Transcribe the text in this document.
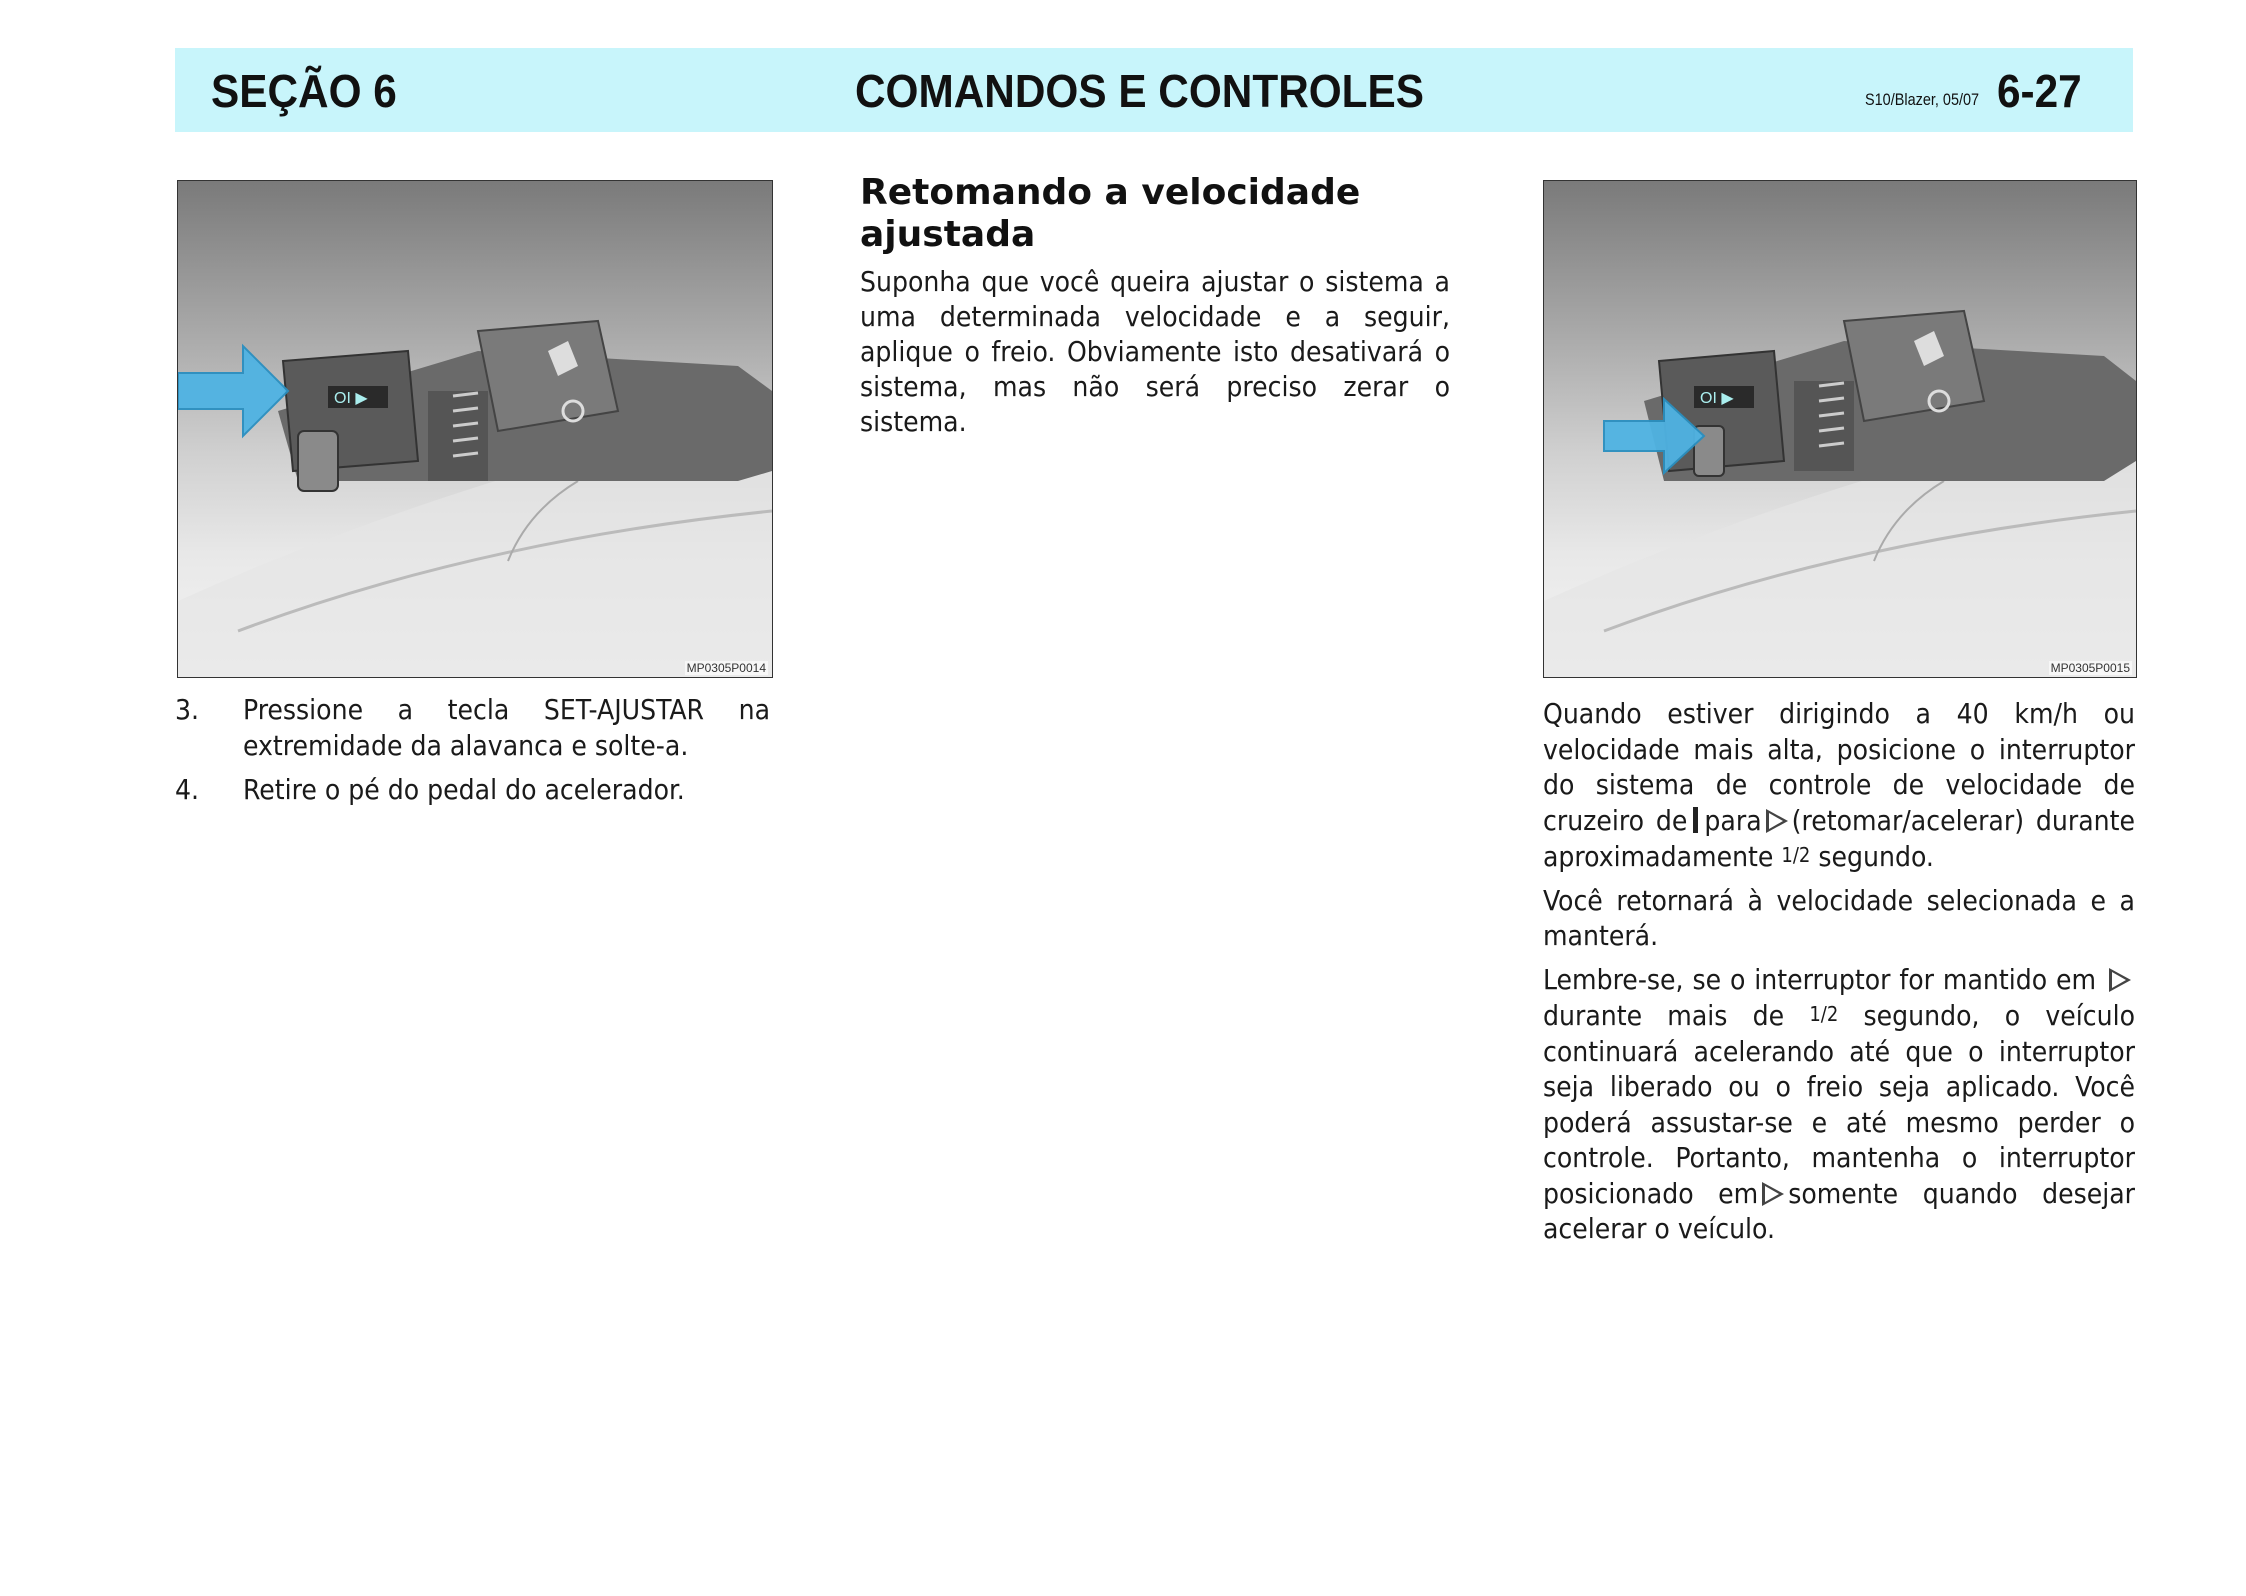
SEÇÃO 6	COMANDOS E CONTROLES	S10/Blazer, 05/07 6-27
OI ▶
MP0305P0014
3. Pressione a tecla SET-AJUSTAR na extremidade da alavanca e solte-a.
4. Retire o pé do pedal do acelerador.
Retomando a velocidade ajustada

Suponha que você queira ajustar o sistema a uma determinada velocidade e a seguir, aplique o freio. Obviamente isto desativará o sistema, mas não será preciso zerar o sistema.

OI ▶
MP0305P0015

Quando estiver dirigindo a 40 km/h ou velocidade mais alta, posicione o interruptor do sistema de controle de velocidade de cruzeiro de para (retomar/acelerar) durante aproximadamente 1/2 segundo.

Você retornará à velocidade selecionada e a manterá.

Lembre-se, se o interruptor for mantido em durante mais de 1/2 segundo, o veículo continuará acelerando até que o interruptor seja liberado ou o freio seja aplicado. Você poderá assustar-se e até mesmo perder o controle. Portanto, mantenha o interruptor posicionado em somente quando desejar acelerar o veículo.
